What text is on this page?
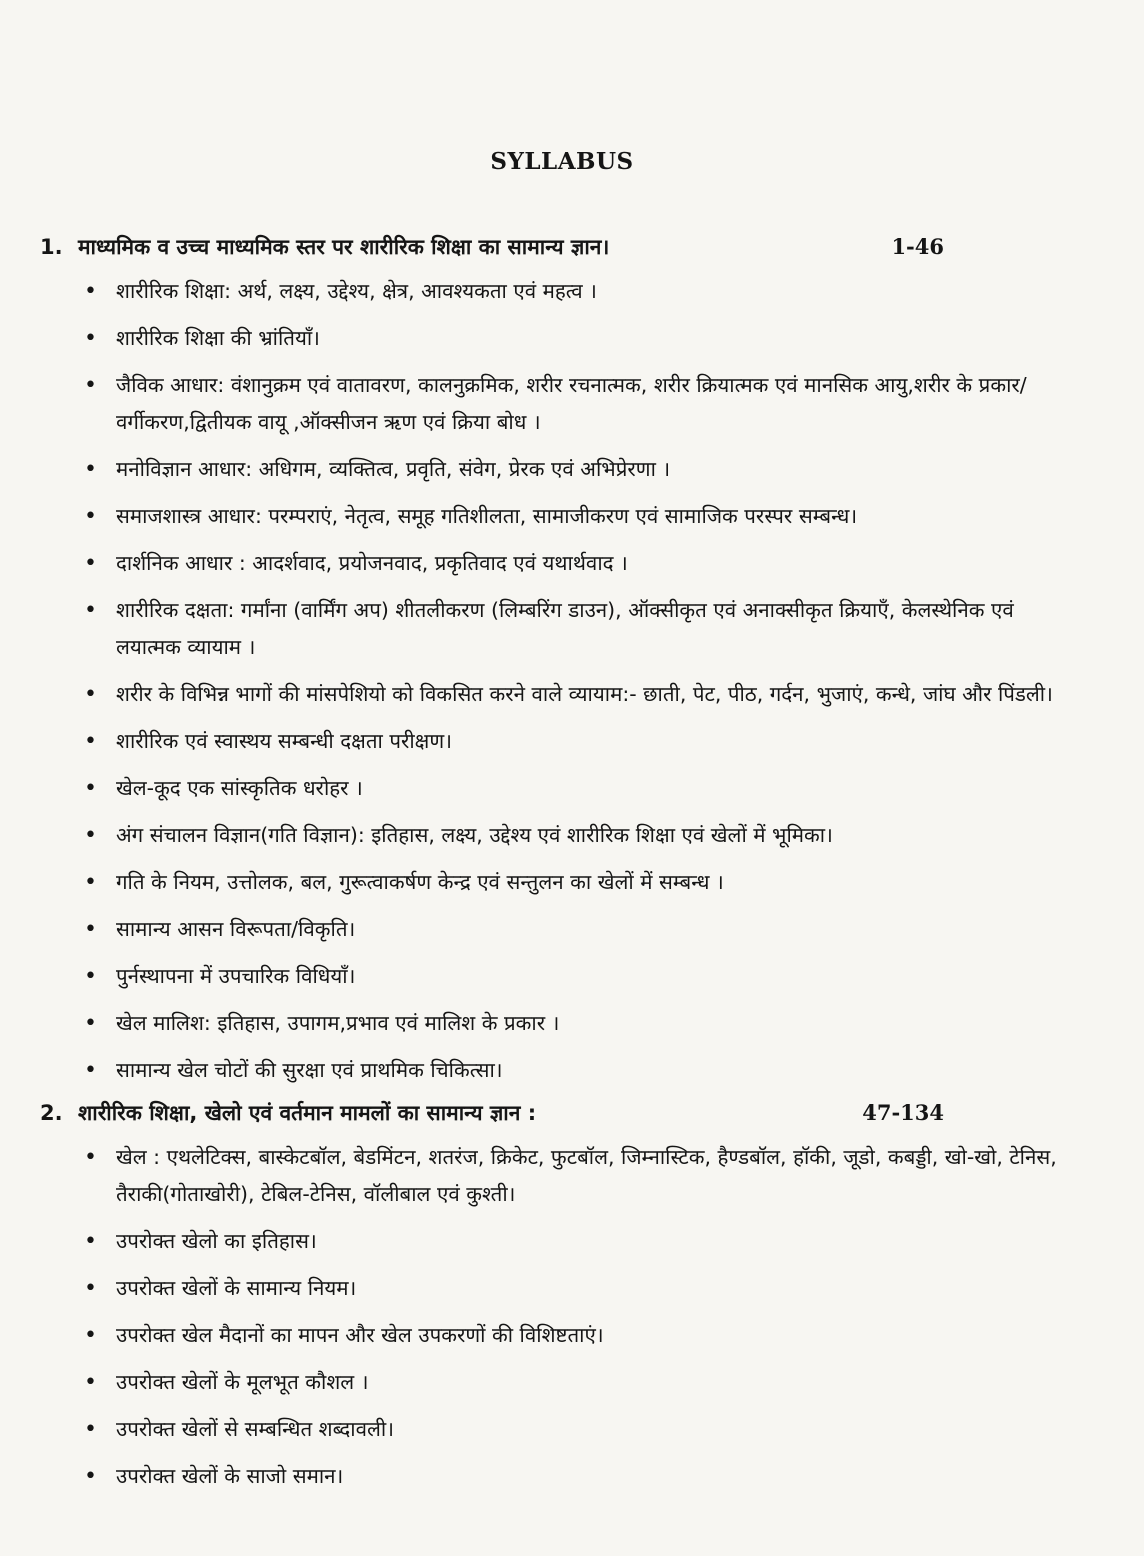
SYLLABUS
1. माध्यमिक व उच्च माध्यमिक स्तर पर शारीरिक शिक्षा का सामान्य ज्ञान।	1-46
• शारीरिक शिक्षा: अर्थ, लक्ष्य, उद्देश्य, क्षेत्र, आवश्यकता एवं महत्व ।
• शारीरिक शिक्षा की भ्रांतियाँ।
• जैविक आधार: वंशानुक्रम एवं वातावरण, कालनुक्रमिक, शरीर रचनात्मक, शरीर क्रियात्मक एवं मानसिक आयु,शरीर के प्रकार/वर्गीकरण,द्वितीयक वायू ,ऑक्सीजन ऋण एवं क्रिया बोध ।
• मनोविज्ञान आधार: अधिगम, व्यक्तित्व, प्रवृति, संवेग, प्रेरक एवं अभिप्रेरणा ।
• समाजशास्त्र आधार: परम्पराएं, नेतृत्व, समूह गतिशीलता, सामाजीकरण एवं सामाजिक परस्पर सम्बन्ध।
• दार्शनिक आधार : आदर्शवाद, प्रयोजनवाद, प्रकृतिवाद एवं यथार्थवाद ।
• शारीरिक दक्षता: गर्मांना (वार्मिंग अप) शीतलीकरण (लिम्बरिंग डाउन), ऑक्सीकृत एवं अनाक्सीकृत क्रियाएँ, केलस्थेनिक एवं लयात्मक व्यायाम ।
• शरीर के विभिन्न भागों की मांसपेशियो को विकसित करने वाले व्यायाम:- छाती, पेट, पीठ, गर्दन, भुजाएं, कन्धे, जांघ और पिंडली।
• शारीरिक एवं स्वास्थय सम्बन्धी दक्षता परीक्षण।
• खेल-कूद एक सांस्कृतिक धरोहर ।
• अंग संचालन विज्ञान(गति विज्ञान): इतिहास, लक्ष्य, उद्देश्य एवं शारीरिक शिक्षा एवं खेलों में भूमिका।
• गति के नियम, उत्तोलक, बल, गुरूत्वाकर्षण केन्द्र एवं सन्तुलन का खेलों में सम्बन्ध ।
• सामान्य आसन विरूपता/विकृति।
• पुर्नस्थापना में उपचारिक विधियाँ।
• खेल मालिश: इतिहास, उपागम,प्रभाव एवं मालिश के प्रकार ।
• सामान्य खेल चोटों की सुरक्षा एवं प्राथमिक चिकित्सा।
2. शारीरिक शिक्षा, खेलो एवं वर्तमान मामलों का सामान्य ज्ञान :	47-134
• खेल : एथलेटिक्स, बास्केटबॉल, बेडमिंटन, शतरंज, क्रिकेट, फुटबॉल, जिम्नास्टिक, हैण्डबॉल, हॉकी, जूडो, कबड्डी, खो-खो, टेनिस, तैराकी(गोताखोरी), टेबिल-टेनिस, वॉलीबाल एवं कुश्ती।
• उपरोक्त खेलो का इतिहास।
• उपरोक्त खेलों के सामान्य नियम।
• उपरोक्त खेल मैदानों का मापन और खेल उपकरणों की विशिष्टताएं।
• उपरोक्त खेलों के मूलभूत कौशल ।
• उपरोक्त खेलों से सम्बन्धित शब्दावली।
• उपरोक्त खेलों के साजो समान।
